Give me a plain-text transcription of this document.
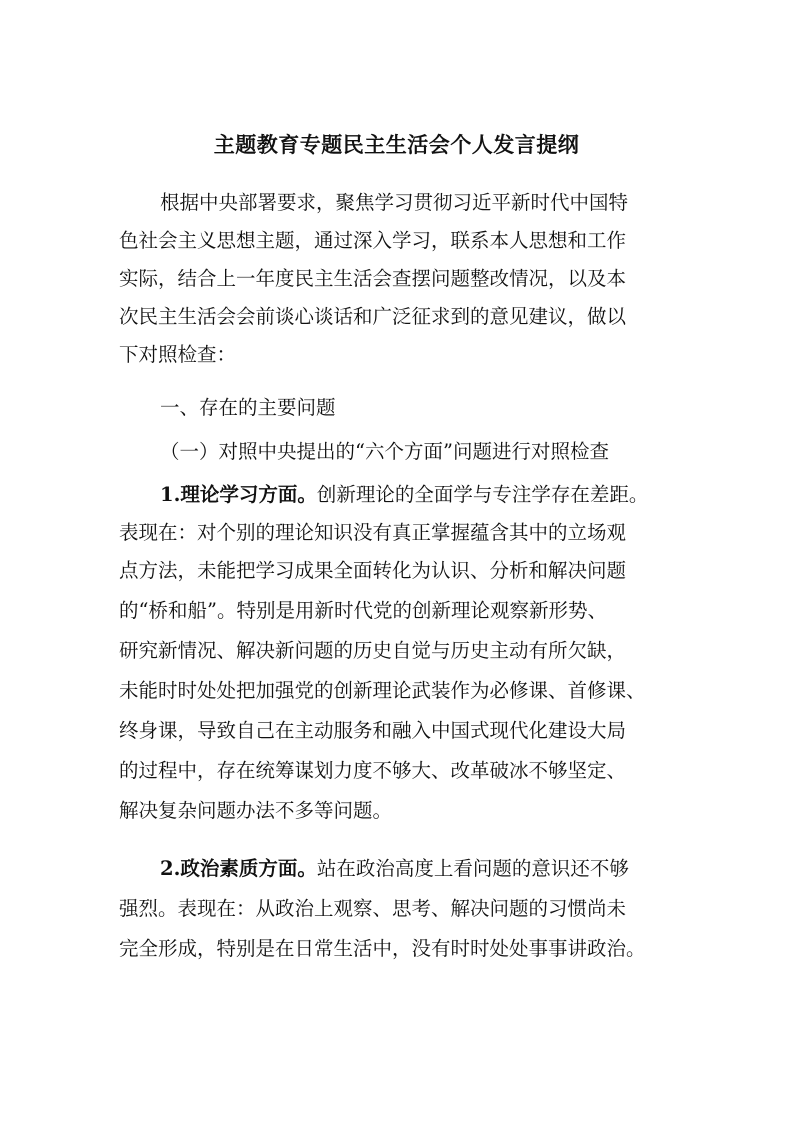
主题教育专题民主生活会个人发言提纲
根据中央部署要求，聚焦学习贯彻习近平新时代中国特
色社会主义思想主题，通过深入学习，联系本人思想和工作
实际，结合上一年度民主生活会查摆问题整改情况，以及本
次民主生活会会前谈心谈话和广泛征求到的意见建议，做以
下对照检查：
一、存在的主要问题
（一）对照中央提出的“六个方面”问题进行对照检查
1.理论学习方面。创新理论的全面学与专注学存在差距。
表现在：对个别的理论知识没有真正掌握蕴含其中的立场观
点方法，未能把学习成果全面转化为认识、分析和解决问题
的“桥和船”。特别是用新时代党的创新理论观察新形势、
研究新情况、解决新问题的历史自觉与历史主动有所欠缺，
未能时时处处把加强党的创新理论武装作为必修课、首修课、
终身课，导致自己在主动服务和融入中国式现代化建设大局
的过程中，存在统筹谋划力度不够大、改革破冰不够坚定、
解决复杂问题办法不多等问题。
2.政治素质方面。站在政治高度上看问题的意识还不够
强烈。表现在：从政治上观察、思考、解决问题的习惯尚未
完全形成，特别是在日常生活中，没有时时处处事事讲政治。
